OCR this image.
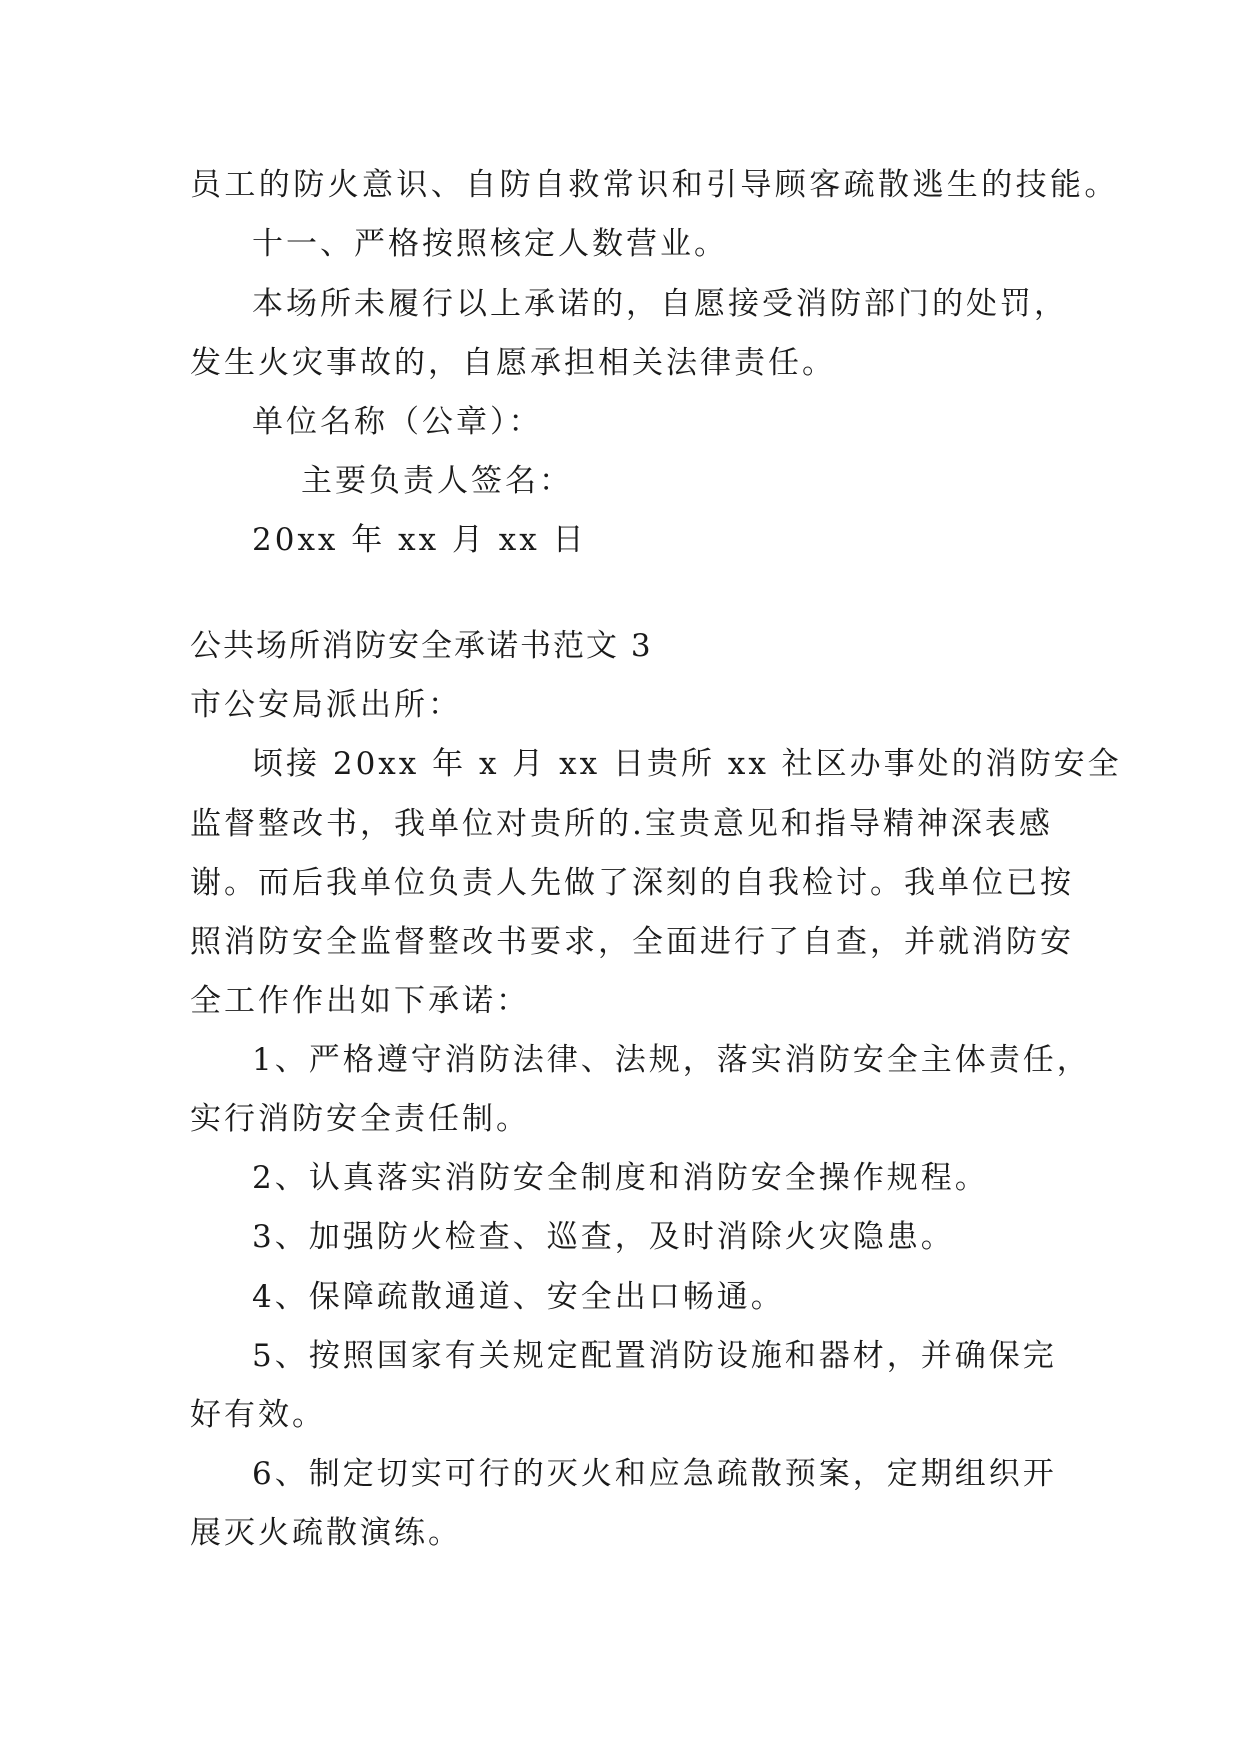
员工的防火意识、自防自救常识和引导顾客疏散逃生的技能。

十一、严格按照核定人数营业。

本场所未履行以上承诺的，自愿接受消防部门的处罚，

发生火灾事故的，自愿承担相关法律责任。

单位名称（公章）：

主要负责人签名：

20xx 年 xx 月 xx 日

公共场所消防安全承诺书范文 3

市公安局派出所：

顷接 20xx 年 x 月 xx 日贵所 xx 社区办事处的消防安全

监督整改书，我单位对贵所的.宝贵意见和指导精神深表感

谢。而后我单位负责人先做了深刻的自我检讨。我单位已按

照消防安全监督整改书要求，全面进行了自查，并就消防安

全工作作出如下承诺：

1、严格遵守消防法律、法规，落实消防安全主体责任，

实行消防安全责任制。

2、认真落实消防安全制度和消防安全操作规程。

3、加强防火检查、巡查，及时消除火灾隐患。

4、保障疏散通道、安全出口畅通。

5、按照国家有关规定配置消防设施和器材，并确保完

好有效。

6、制定切实可行的灭火和应急疏散预案，定期组织开

展灭火疏散演练。
